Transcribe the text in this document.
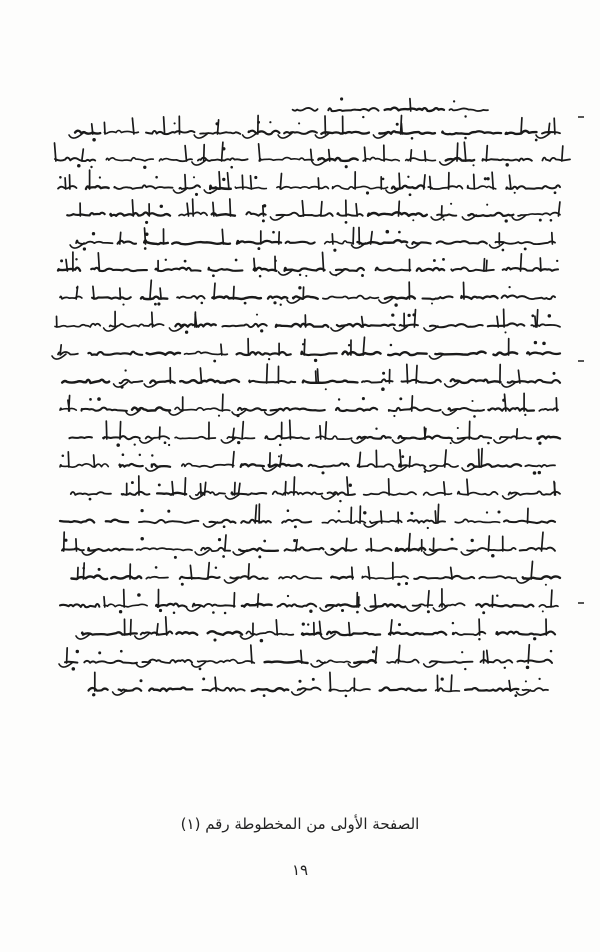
الصفحة الأولى من المخطوطة رقم (١)
١٩
